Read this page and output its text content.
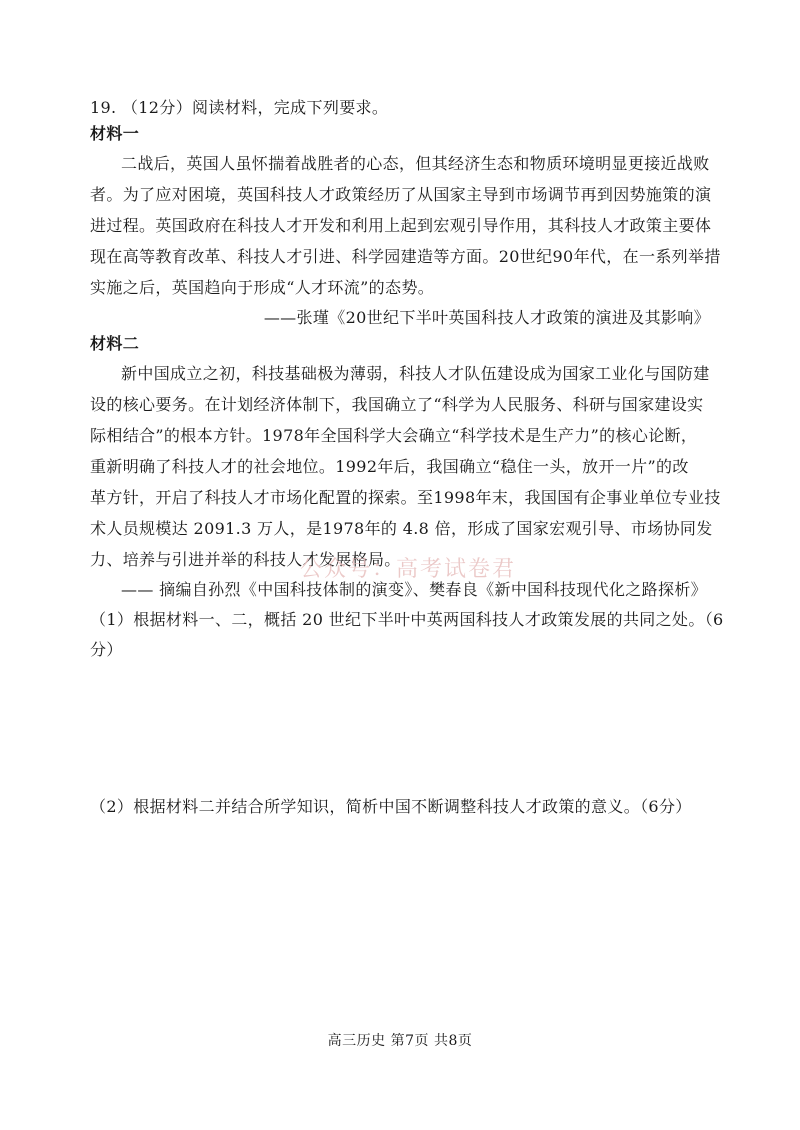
19. （12分）阅读材料，完成下列要求。
材料一
二战后，英国人虽怀揣着战胜者的心态，但其经济生态和物质环境明显更接近战败
者。为了应对困境，英国科技人才政策经历了从国家主导到市场调节再到因势施策的演
进过程。英国政府在科技人才开发和利用上起到宏观引导作用，其科技人才政策主要体
现在高等教育改革、科技人才引进、科学园建造等方面。20世纪90年代，在一系列举措
实施之后，英国趋向于形成“人才环流”的态势。
——张瑾《20世纪下半叶英国科技人才政策的演进及其影响》
材料二
新中国成立之初，科技基础极为薄弱，科技人才队伍建设成为国家工业化与国防建
设的核心要务。在计划经济体制下，我国确立了“科学为人民服务、科研与国家建设实
际相结合”的根本方针。1978年全国科学大会确立“科学技术是生产力”的核心论断，
重新明确了科技人才的社会地位。1992年后，我国确立“稳住一头，放开一片”的改
革方针，开启了科技人才市场化配置的探索。至1998年末，我国国有企事业单位专业技
术人员规模达 2091.3 万人，是1978年的 4.8 倍，形成了国家宏观引导、市场协同发
力、培养与引进并举的科技人才发展格局。
公众号：高考试卷君
—— 摘编自孙烈《中国科技体制的演变》、樊春良《新中国科技现代化之路探析》
（1）根据材料一、二，概括 20 世纪下半叶中英两国科技人才政策发展的共同之处。（6
分）
（2）根据材料二并结合所学知识，简析中国不断调整科技人才政策的意义。（6分）
高三历史 第7页 共8页
